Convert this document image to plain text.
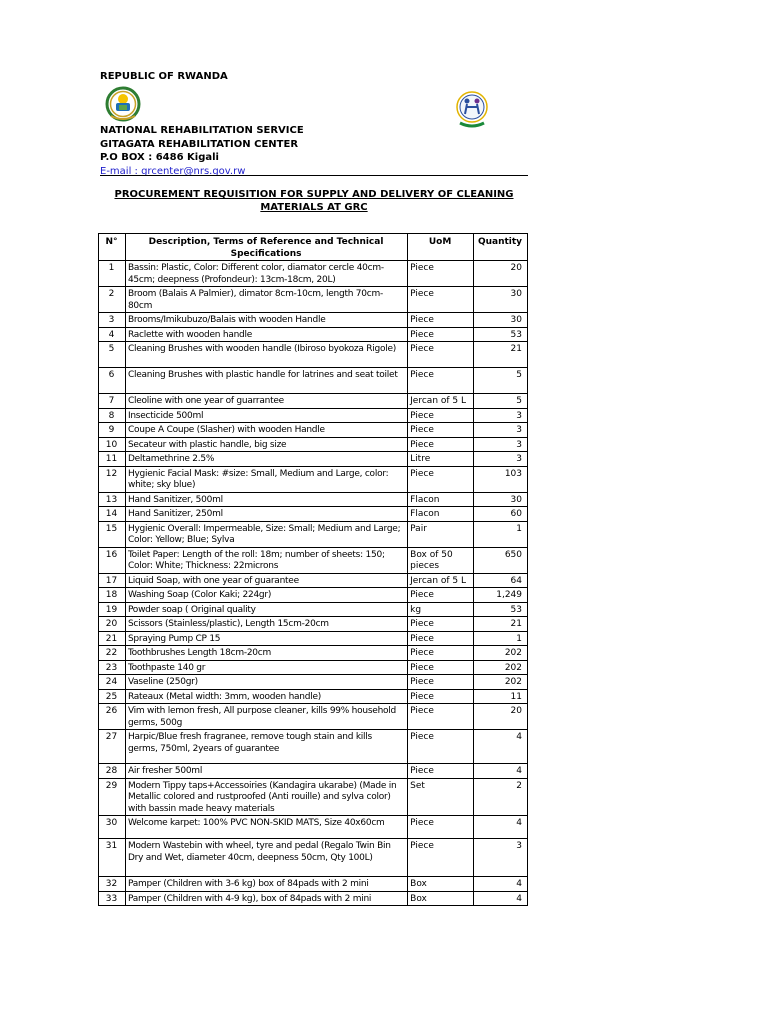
REPUBLIC OF RWANDA
NATIONAL REHABILITATION SERVICE
GITAGATA REHABILITATION CENTER
P.O BOX : 6486 Kigali
E-mail : grcenter@nrs.gov.rw
PROCUREMENT REQUISITION FOR SUPPLY AND DELIVERY OF CLEANING
MATERIALS AT GRC
N°	Description, Terms of Reference and Technical Specifications	UoM	Quantity
1	Bassin: Plastic, Color: Different color, diamator cercle 40cm-45cm; deepness (Profondeur): 13cm-18cm, 20L)	Piece	20
2	Broom (Balais A Palmier), dimator 8cm-10cm, length 70cm-80cm	Piece	30
3	Brooms/Imikubuzo/Balais with wooden Handle	Piece	30
4	Raclette with wooden handle	Piece	53
5	Cleaning Brushes with wooden handle (Ibiroso byokoza Rigole)	Piece	21
6	Cleaning Brushes with plastic handle for latrines and seat toilet	Piece	5
7	Cleoline with one year of guarrantee	Jercan of 5 L	5
8	Insecticide 500ml	Piece	3
9	Coupe A Coupe (Slasher) with wooden Handle	Piece	3
10	Secateur with plastic handle, big size	Piece	3
11	Deltamethrine 2.5%	Litre	3
12	Hygienic Facial Mask: #size: Small, Medium and Large, color: white; sky blue)	Piece	103
13	Hand Sanitizer, 500ml	Flacon	30
14	Hand Sanitizer, 250ml	Flacon	60
15	Hygienic Overall: Impermeable, Size: Small; Medium and Large; Color: Yellow; Blue; Sylva	Pair	1
16	Toilet Paper: Length of the roll: 18m; number of sheets: 150; Color: White; Thickness: 22microns	Box of 50 pieces	650
17	Liquid Soap, with one year of guarantee	Jercan of 5 L	64
18	Washing Soap (Color Kaki; 224gr)	Piece	1,249
19	Powder soap ( Original quality	kg	53
20	Scissors (Stainless/plastic), Length 15cm-20cm	Piece	21
21	Spraying Pump CP 15	Piece	1
22	Toothbrushes Length 18cm-20cm	Piece	202
23	Toothpaste 140 gr	Piece	202
24	Vaseline (250gr)	Piece	202
25	Rateaux (Metal width: 3mm, wooden handle)	Piece	11
26	Vim with lemon fresh, All purpose cleaner, kills 99% household germs, 500g	Piece	20
27	Harpic/Blue fresh fragranee, remove tough stain and kills germs, 750ml, 2years of guarantee	Piece	4
28	Air fresher 500ml	Piece	4
29	Modern Tippy taps+Accessoiries (Kandagira ukarabe) (Made in Metallic colored and rustproofed (Anti rouille) and sylva color) with bassin made heavy materials	Set	2
30	Welcome karpet: 100% PVC NON-SKID MATS, Size 40x60cm	Piece	4
31	Modern Wastebin with wheel, tyre and pedal (Regalo Twin Bin Dry and Wet, diameter 40cm, deepness 50cm, Qty 100L)	Piece	3
32	Pamper (Children with 3-6 kg) box of 84pads with 2 mini	Box	4
33	Pamper (Children with 4-9 kg), box of 84pads with 2 mini	Box	4
